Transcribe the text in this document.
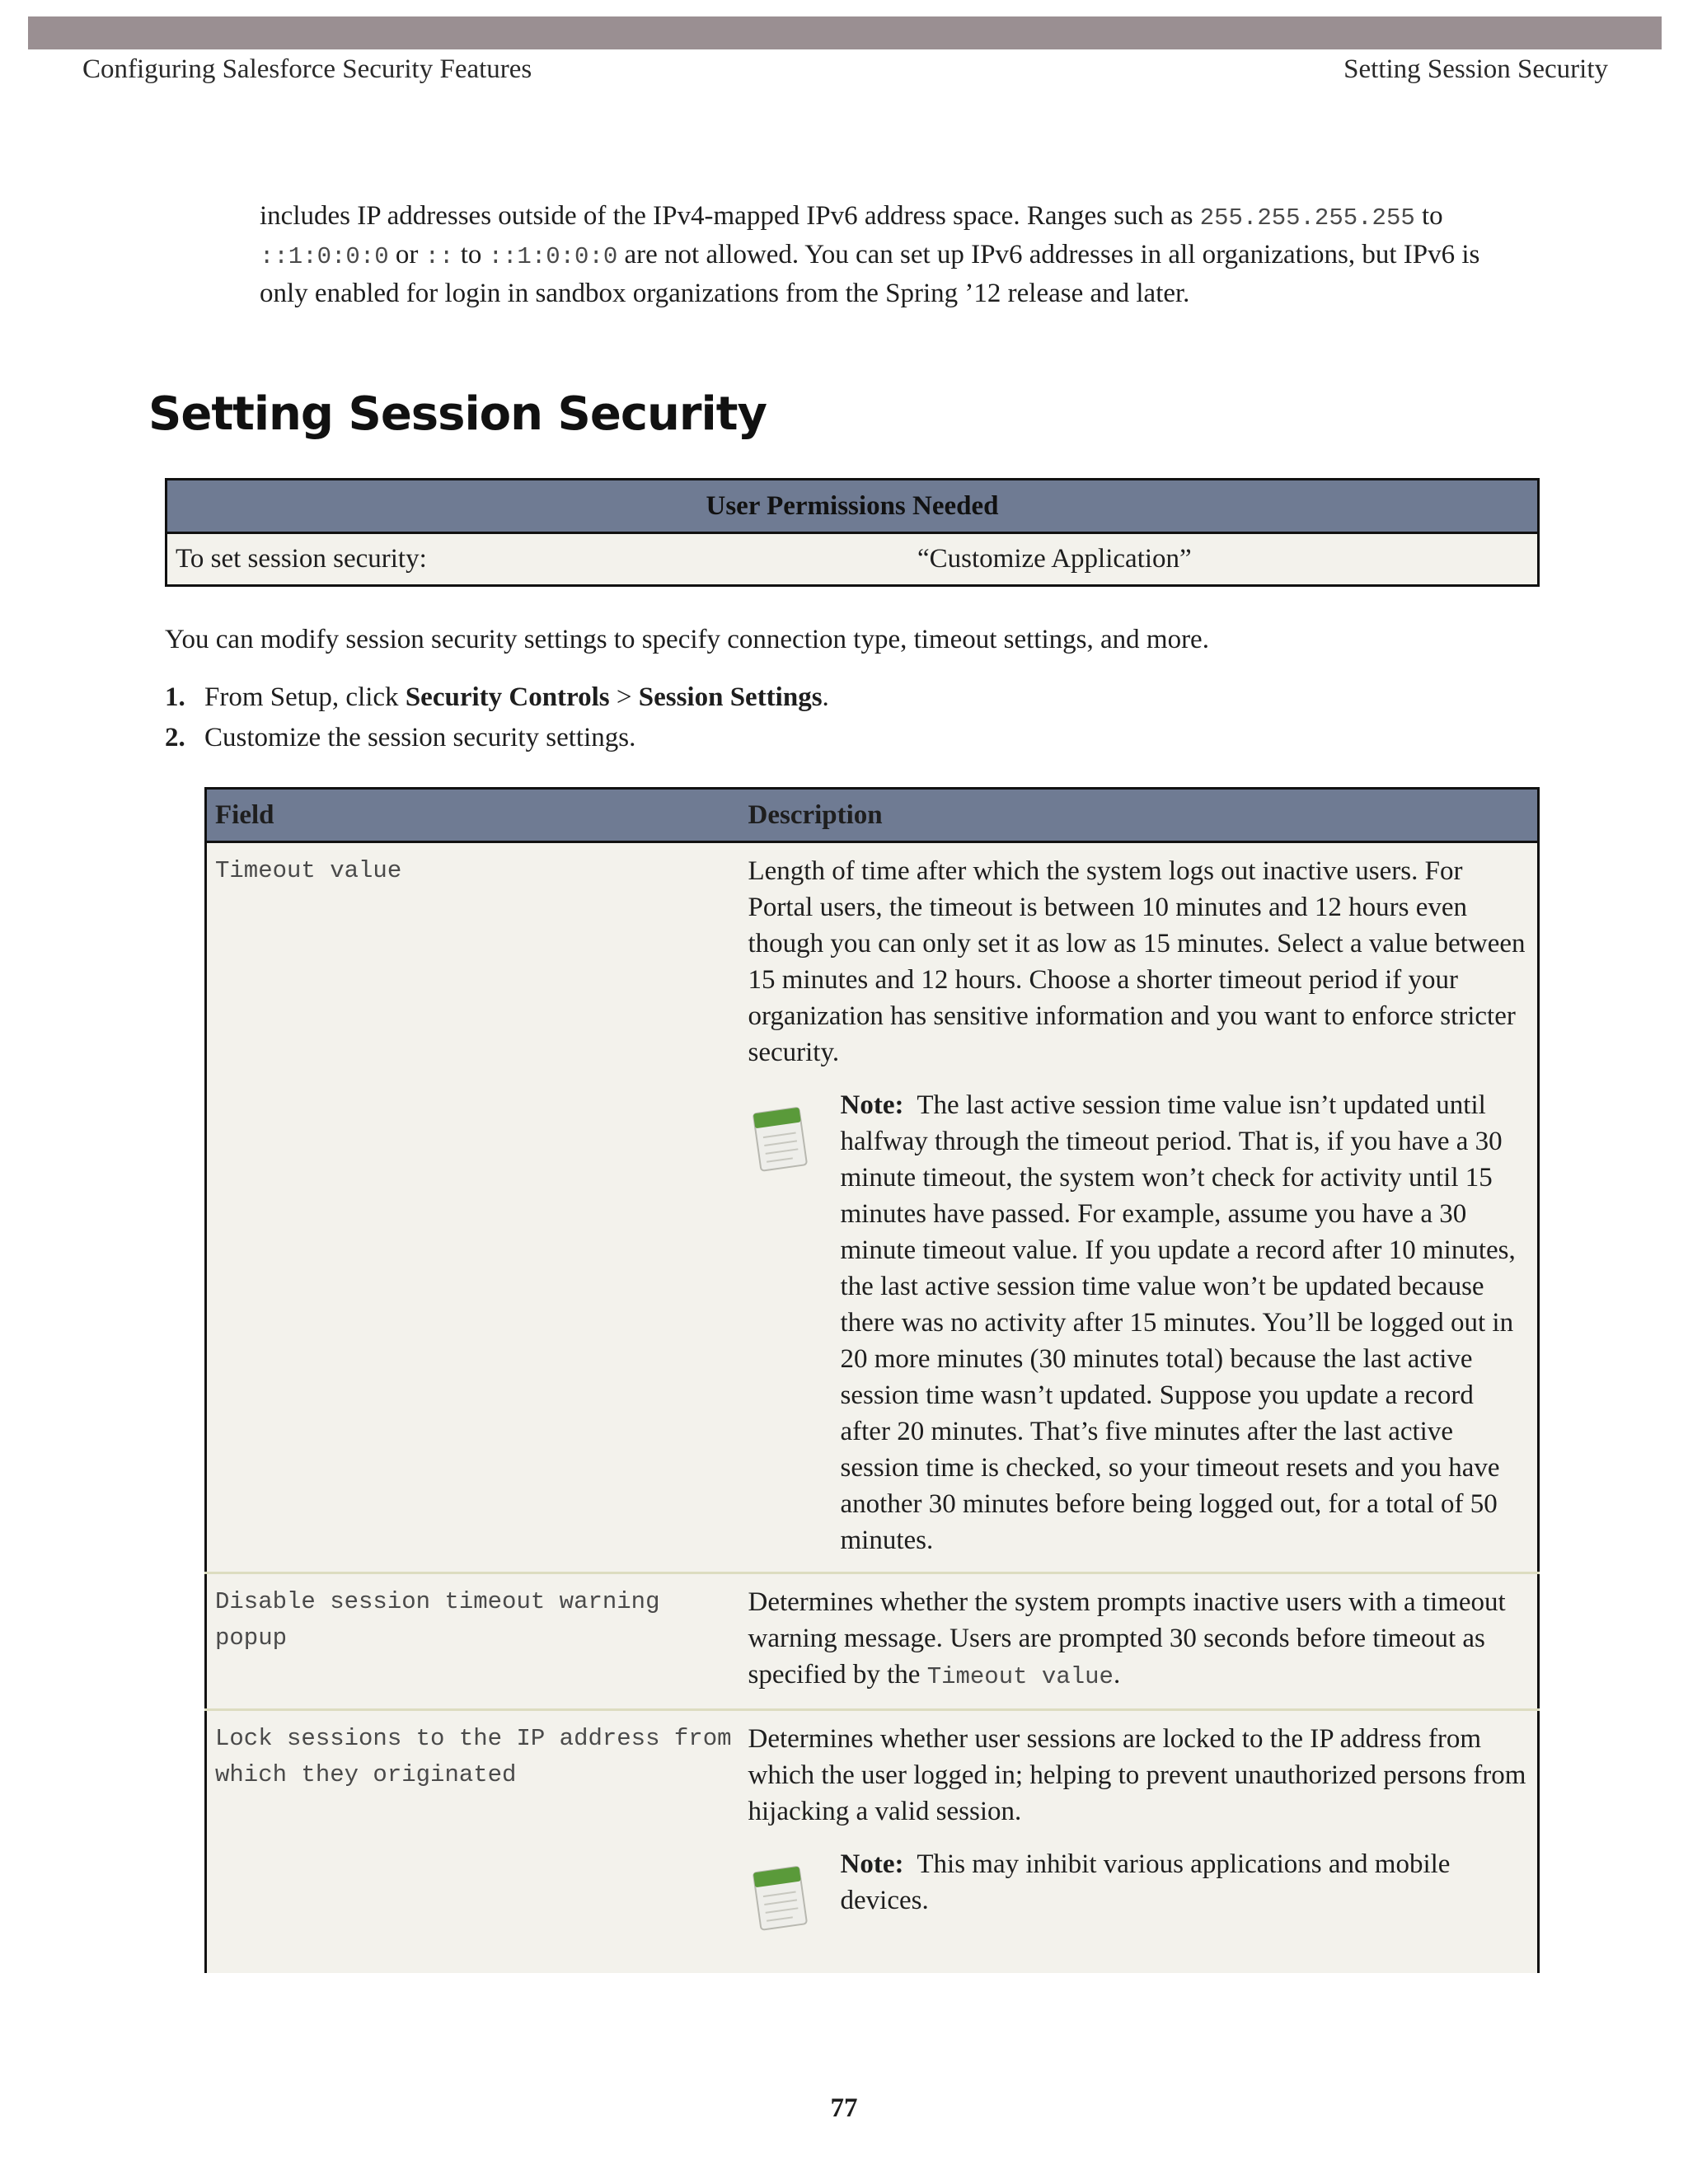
Configuring Salesforce Security Features	Setting Session Security
includes IP addresses outside of the IPv4-mapped IPv6 address space. Ranges such as 255.255.255.255 to ::1:0:0:0 or :: to ::1:0:0:0 are not allowed. You can set up IPv6 addresses in all organizations, but IPv6 is only enabled for login in sandbox organizations from the Spring ’12 release and later.
Setting Session Security
User Permissions Needed
To set session security:	“Customize Application”
You can modify session security settings to specify connection type, timeout settings, and more.
1. From Setup, click Security Controls > Session Settings.
2. Customize the session security settings.
Field	Description
Timeout value	Length of time after which the system logs out inactive users. For Portal users, the timeout is between 10 minutes and 12 hours even though you can only set it as low as 15 minutes. Select a value between 15 minutes and 12 hours. Choose a shorter timeout period if your organization has sensitive information and you want to enforce stricter security.
Note: The last active session time value isn’t updated until halfway through the timeout period. That is, if you have a 30 minute timeout, the system won’t check for activity until 15 minutes have passed. For example, assume you have a 30 minute timeout value. If you update a record after 10 minutes, the last active session time value won’t be updated because there was no activity after 15 minutes. You’ll be logged out in 20 more minutes (30 minutes total) because the last active session time wasn’t updated. Suppose you update a record after 20 minutes. That’s five minutes after the last active session time is checked, so your timeout resets and you have another 30 minutes before being logged out, for a total of 50 minutes.

Disable session timeout warning popup	Determines whether the system prompts inactive users with a timeout warning message. Users are prompted 30 seconds before timeout as specified by the Timeout value.
Lock sessions to the IP address from which they originated	Determines whether user sessions are locked to the IP address from which the user logged in; helping to prevent unauthorized persons from hijacking a valid session.
Note: This may inhibit various applications and mobile devices.
77
